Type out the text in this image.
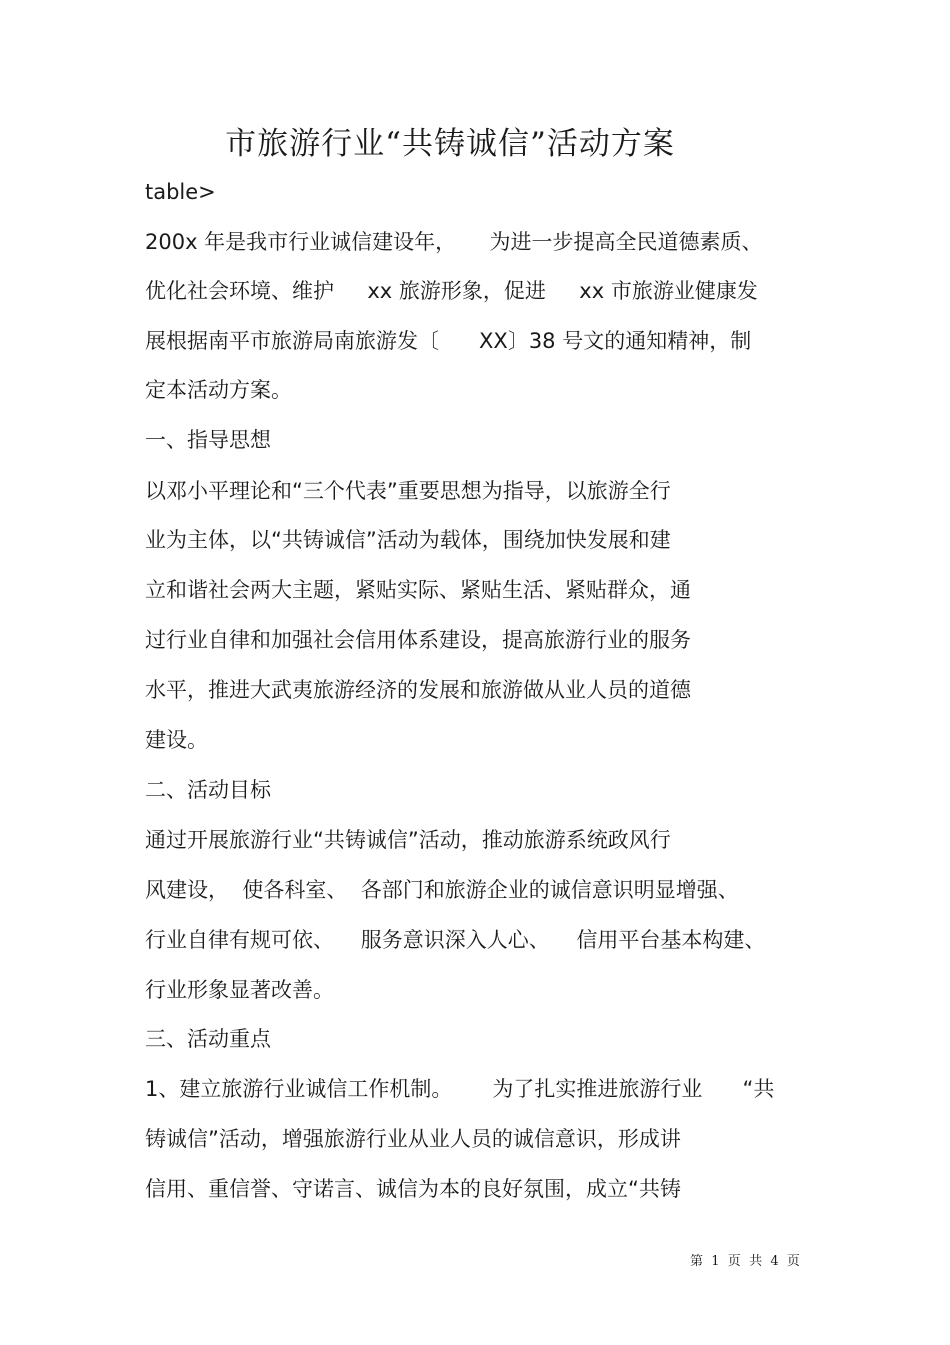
市旅游行业“共铸诚信”活动方案
table>
200x 年是我市行业诚信建设年，     为进一步提高全民道德素质、
优化社会环境、维护     xx 旅游形象，促进     xx 市旅游业健康发
展根据南平市旅游局南旅游发〔      XX〕38 号文的通知精神，制
定本活动方案。
一、指导思想
以邓小平理论和“三个代表”重要思想为指导，以旅游全行
业为主体，以“共铸诚信”活动为载体，围绕加快发展和建
立和谐社会两大主题，紧贴实际、紧贴生活、紧贴群众，通
过行业自律和加强社会信用体系建设，提高旅游行业的服务
水平，推进大武夷旅游经济的发展和旅游做从业人员的道德
建设。
二、活动目标
通过开展旅游行业“共铸诚信”活动，推动旅游系统政风行
风建设，  使各科室、  各部门和旅游企业的诚信意识明显增强、
行业自律有规可依、    服务意识深入人心、    信用平台基本构建、
行业形象显著改善。
三、活动重点
1、建立旅游行业诚信工作机制。      为了扎实推进旅游行业      “共
铸诚信”活动，增强旅游行业从业人员的诚信意识，形成讲
信用、重信誉、守诺言、诚信为本的良好氛围，成立“共铸
第  1  页  共  4  页
